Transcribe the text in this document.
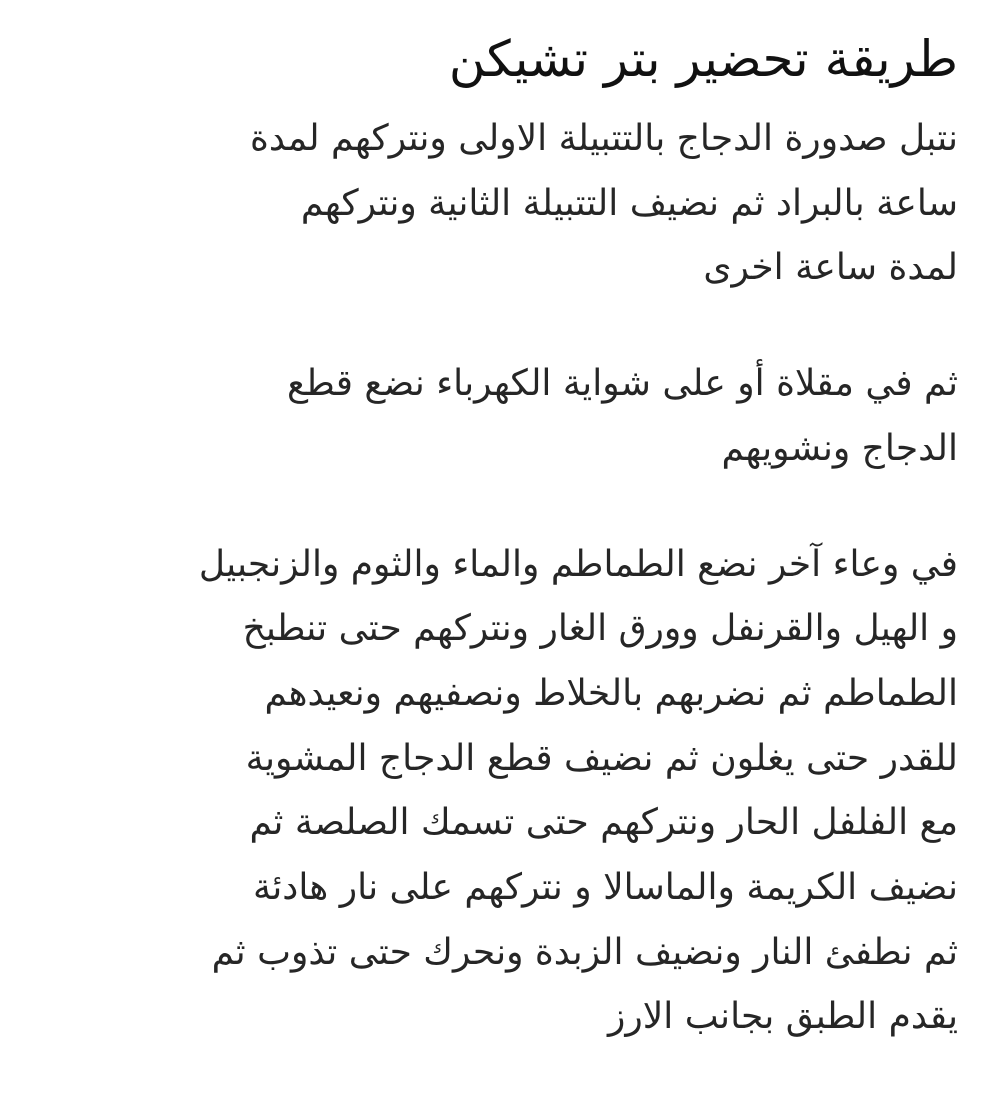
طريقة تحضير بتر تشيكن

نتبل صدورة الدجاج بالتتبيلة الاولى ونتركهم لمدة
ساعة بالبراد ثم نضيف التتبيلة الثانية ونتركهم
لمدة ساعة اخرى

ثم في مقلاة أو على شواية الكهرباء نضع قطع
الدجاج ونشويهم

في وعاء آخر نضع الطماطم والماء والثوم والزنجبيل
و الهيل والقرنفل وورق الغار ونتركهم حتى تنطبخ
الطماطم ثم نضربهم بالخلاط ونصفيهم ونعيدهم
للقدر حتى يغلون ثم نضيف قطع الدجاج المشوية
مع الفلفل الحار ونتركهم حتى تسمك الصلصة ثم
نضيف الكريمة والماسالا و نتركهم على نار هادئة
ثم نطفئ النار ونضيف الزبدة ونحرك حتى تذوب ثم
يقدم الطبق بجانب الارز
